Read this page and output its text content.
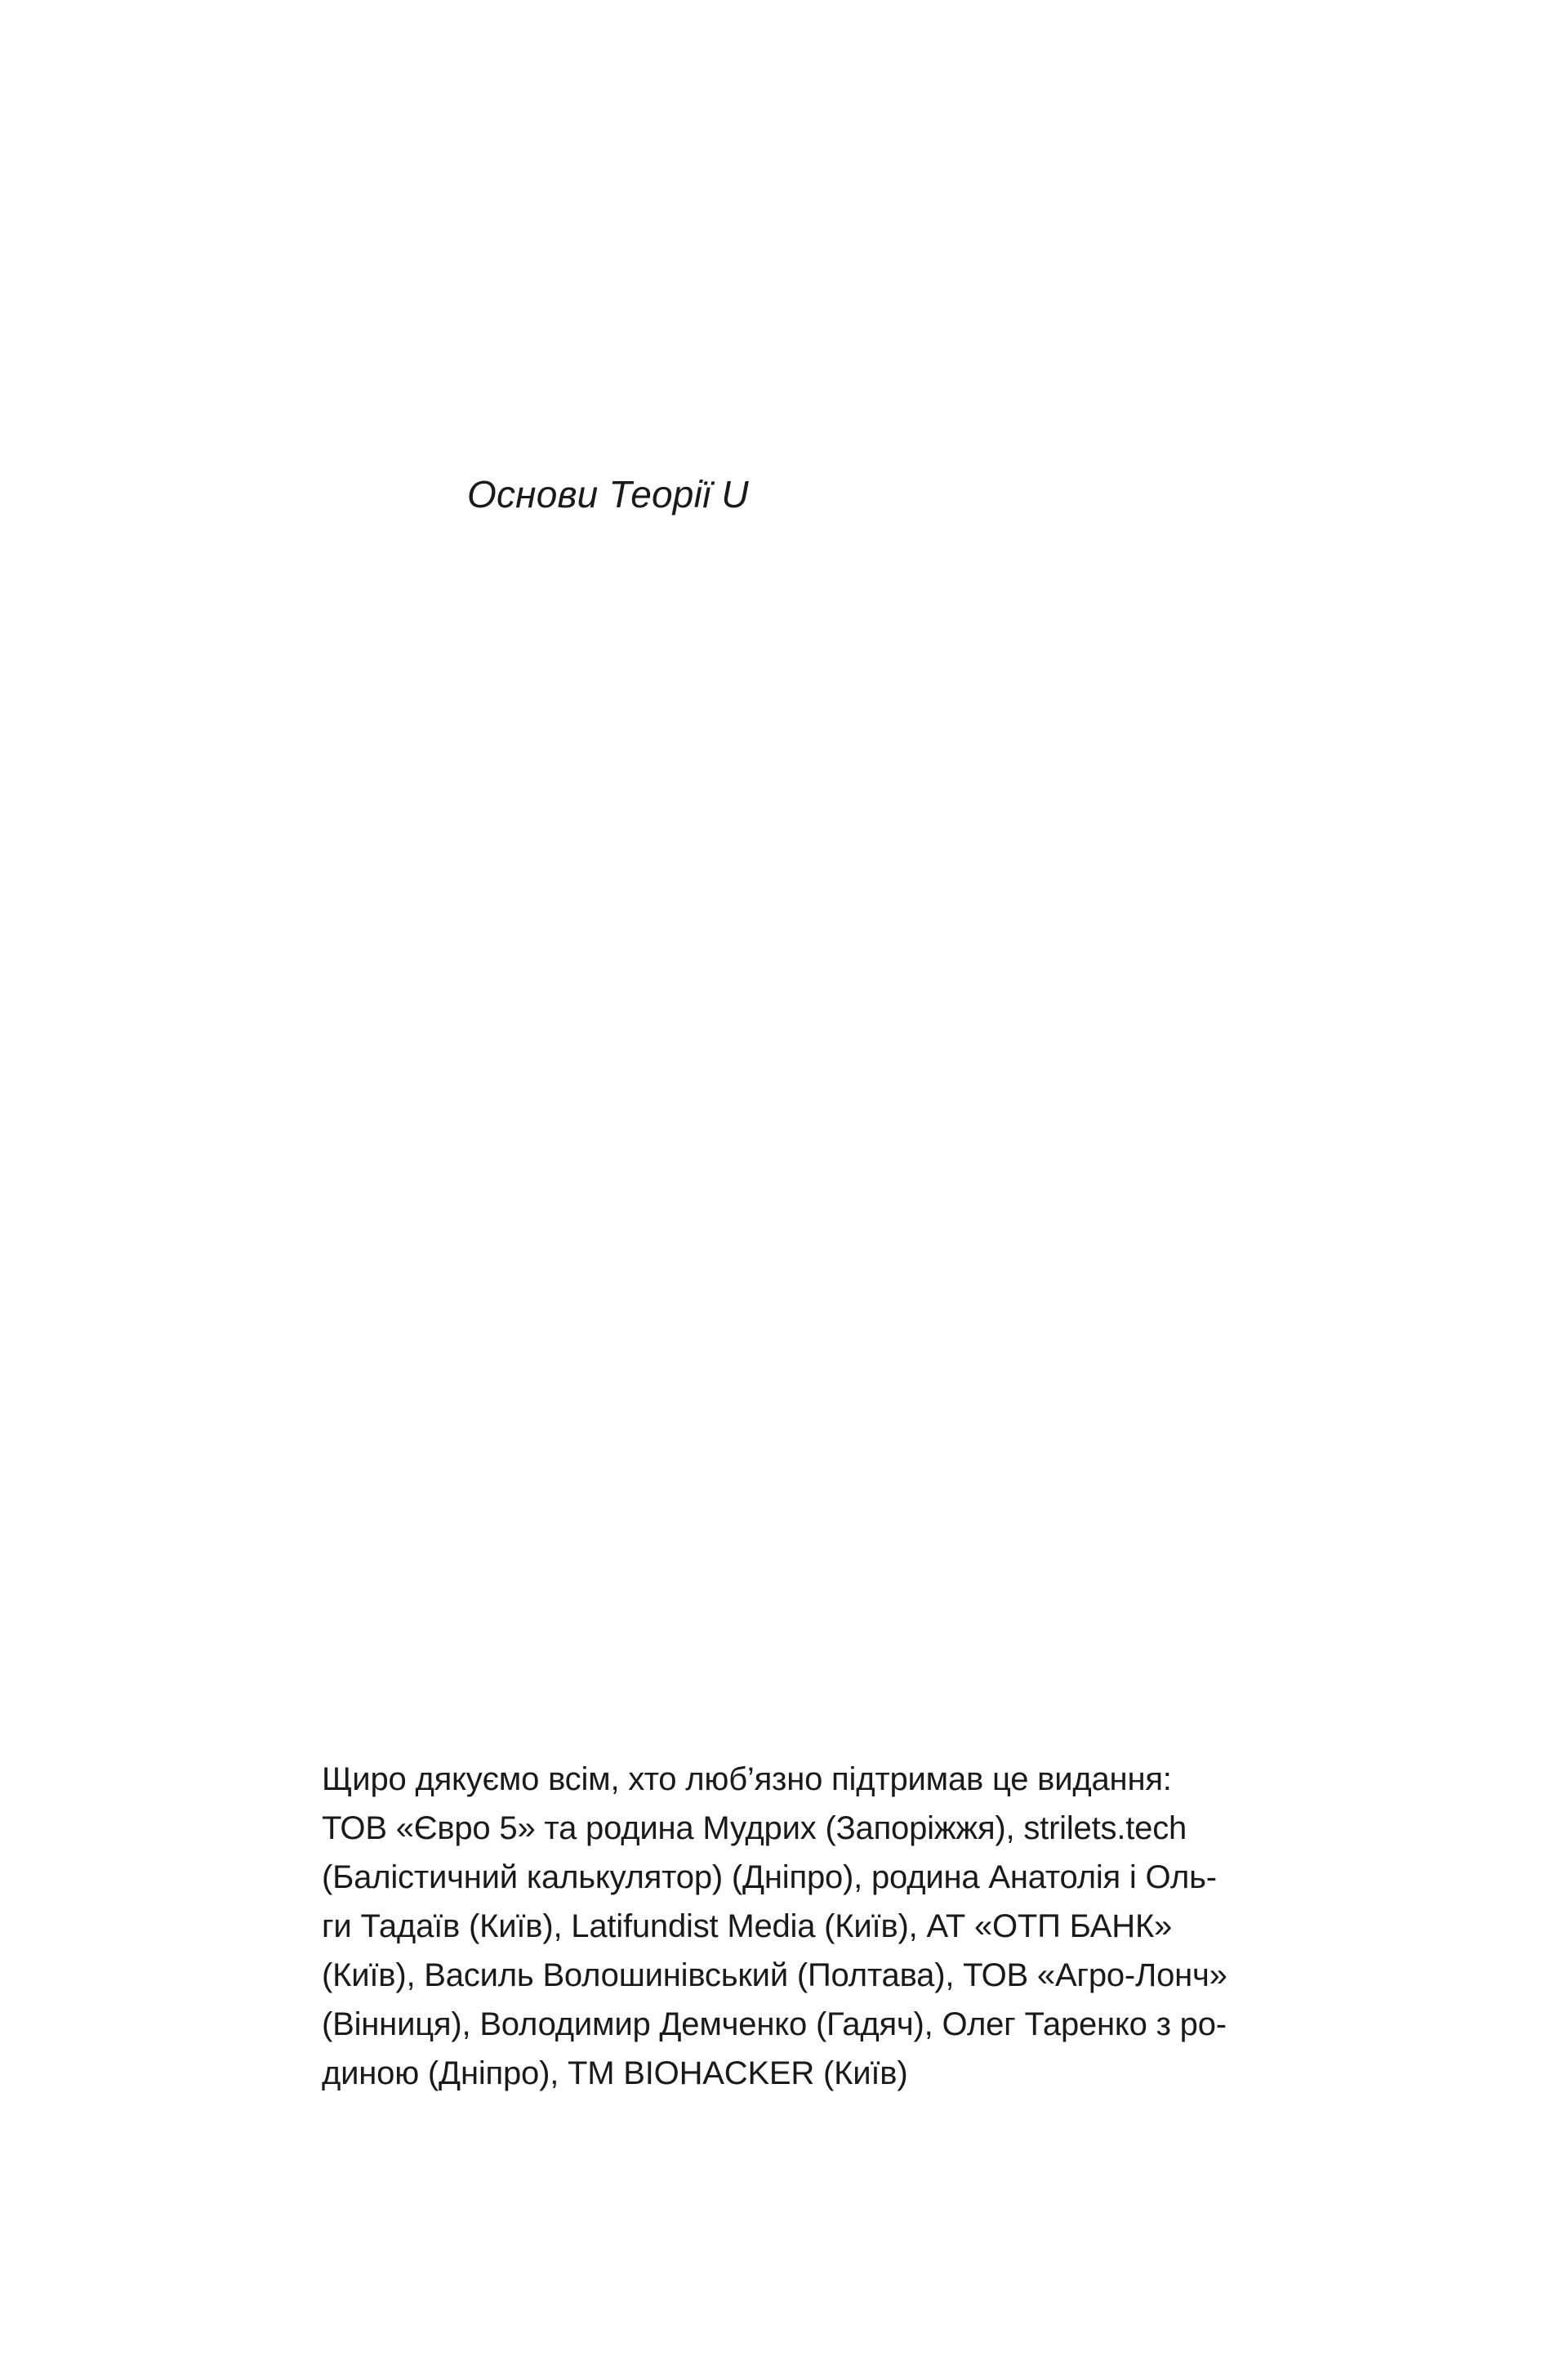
Основи Теорії U
Щиро дякуємо всім, хто люб’язно підтримав це видання:
ТОВ «Євро 5» та родина Мудрих (Запоріжжя), strilets.tech
(Балістичний калькулятор) (Дніпро), родина Анатолія і Оль-
ги Тадаїв (Київ), Latifundist Media (Київ), АТ «ОТП БАНК»
(Київ), Василь Волошинівський (Полтава), ТОВ «Агро-Лонч»
(Вінниця), Володимир Демченко (Гадяч), Олег Таренко з ро-
диною (Дніпро), ТМ BIOHACKER (Київ)
